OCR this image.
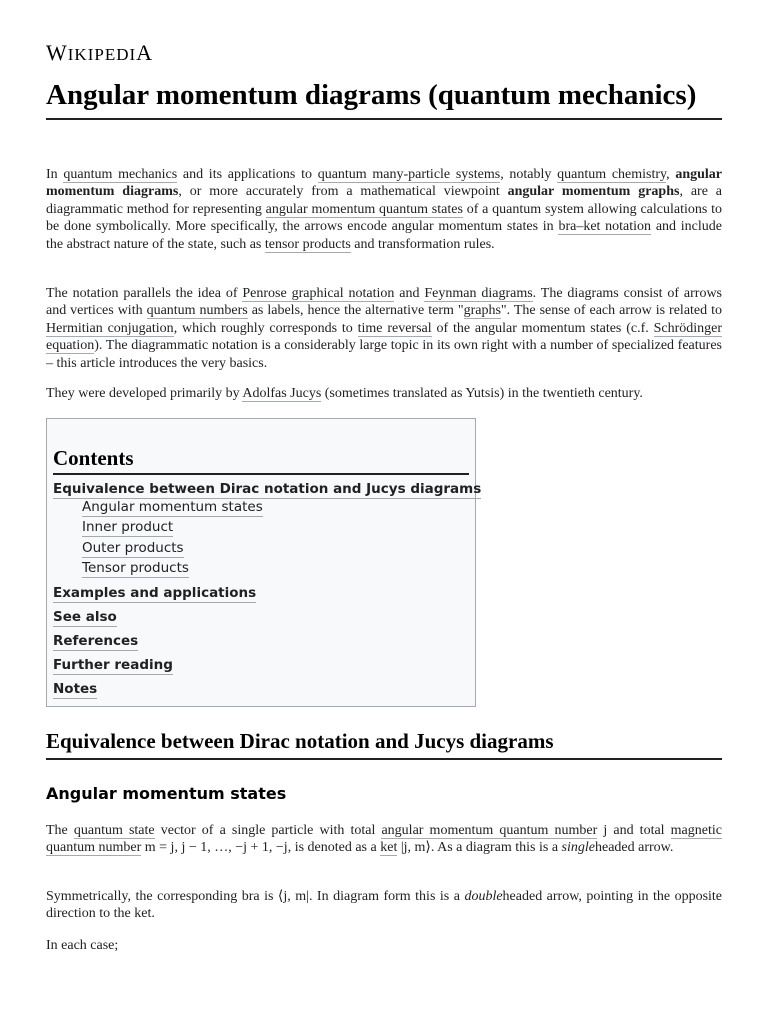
WIKIPEDIA
Angular momentum diagrams (quantum mechanics)

In quantum mechanics and its applications to quantum many-particle systems, notably quantum chemistry, angular momentum diagrams, or more accurately from a mathematical viewpoint angular momentum graphs, are a diagrammatic method for representing angular momentum quantum states of a quantum system allowing calculations to be done symbolically. More specifically, the arrows encode angular momentum states in bra–ket notation and include the abstract nature of the state, such as tensor products and transformation rules.

The notation parallels the idea of Penrose graphical notation and Feynman diagrams. The diagrams consist of arrows and vertices with quantum numbers as labels, hence the alternative term "graphs". The sense of each arrow is related to Hermitian conjugation, which roughly corresponds to time reversal of the angular momentum states (c.f. Schrödinger equation). The diagrammatic notation is a considerably large topic in its own right with a number of specialized features – this article introduces the very basics.

They were developed primarily by Adolfas Jucys (sometimes translated as Yutsis) in the twentieth century.

Contents
Equivalence between Dirac notation and Jucys diagrams
Angular momentum states
Inner product
Outer products
Tensor products
Examples and applications
See also
References
Further reading
Notes
Equivalence between Dirac notation and Jucys diagrams
Angular momentum states

The quantum state vector of a single particle with total angular momentum quantum number j and total magnetic quantum number m = j, j − 1, …, −j + 1, −j, is denoted as a ket |j, m⟩. As a diagram this is a singleheaded arrow.

Symmetrically, the corresponding bra is ⟨j, m|. In diagram form this is a doubleheaded arrow, pointing in the opposite direction to the ket.

In each case;
